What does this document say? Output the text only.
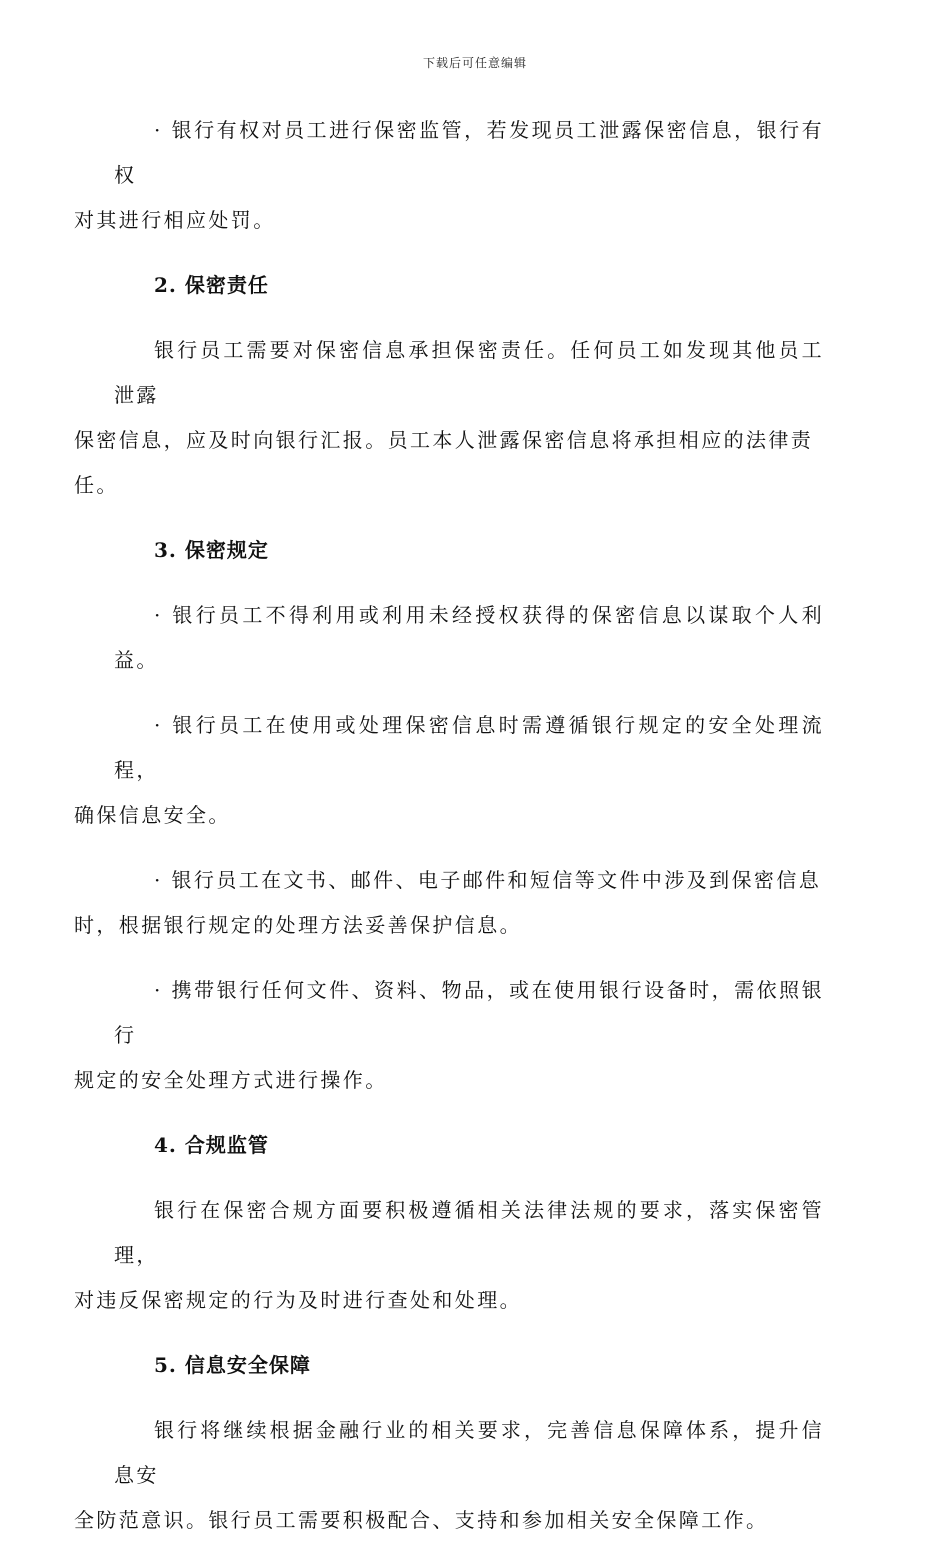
下载后可任意编辑
· 银行有权对员工进行保密监管，若发现员工泄露保密信息，银行有权
对其进行相应处罚。
2. 保密责任
银行员工需要对保密信息承担保密责任。任何员工如发现其他员工泄露
保密信息，应及时向银行汇报。员工本人泄露保密信息将承担相应的法律责
任。
3. 保密规定
· 银行员工不得利用或利用未经授权获得的保密信息以谋取个人利益。
· 银行员工在使用或处理保密信息时需遵循银行规定的安全处理流程，
确保信息安全。
· 银行员工在文书、邮件、电子邮件和短信等文件中涉及到保密信息
时，根据银行规定的处理方法妥善保护信息。
· 携带银行任何文件、资料、物品，或在使用银行设备时，需依照银行
规定的安全处理方式进行操作。
4. 合规监管
银行在保密合规方面要积极遵循相关法律法规的要求，落实保密管理，
对违反保密规定的行为及时进行查处和处理。
5. 信息安全保障
银行将继续根据金融行业的相关要求，完善信息保障体系，提升信息安
全防范意识。银行员工需要积极配合、支持和参加相关安全保障工作。
